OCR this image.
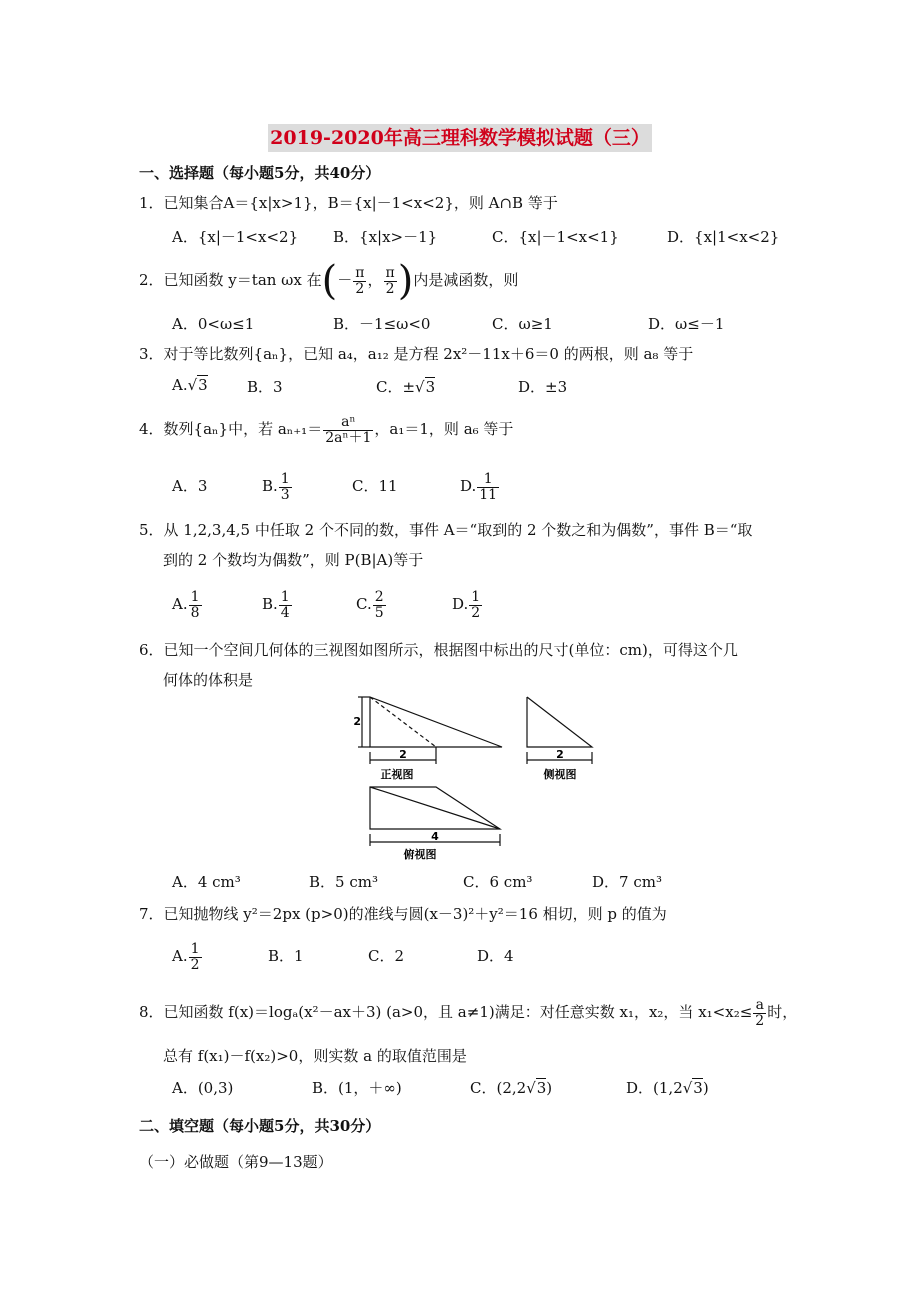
2019-2020年高三理科数学模拟试题（三）
一、选择题（每小题5分，共40分）
1．已知集合A＝{x|x>1}，B＝{x|－1<x<2}，则 A∩B 等于
A．{x|－1<x<2} B．{x|x>－1}	C．{x|－1<x<1}	D．{x|1<x<2}
2．已知函数 y＝tan ωx 在(－ $\frac{\pi}{2}$ ， $\frac{\pi}{2}$ )内是减函数，则
A．0<ω≤1	B．－1≤ω<0	C．ω≥1	D．ω≤－1
3．对于等比数列{aₙ}，已知 a₄，a₁₂ 是方程 2x²－11x＋6＝0 的两根，则 a₈ 等于
A.√3	B．3	C．±√3	D．±3
4．数列{aₙ}中，若 $a_{n+1}= \frac{\text{aⁿ}}{\text{2aⁿ＋1}}$ ，a₁＝1，则 a₆ 等于
A．3	B. $\frac{1}{3}$	C．11	D. $\frac{1}{11}$
5．从 1,2,3,4,5 中任取 2 个不同的数，事件 A＝“取到的 2 个数之和为偶数”，事件 B＝“取
到的 2 个数均为偶数”，则 P(B|A)等于
A. $\frac{1}{8}$	B. $\frac{1}{4}$	C. $\frac{2}{5}$	D. $\frac{1}{2}$
6．已知一个空间几何体的三视图如图所示，根据图中标出的尺寸(单位：cm)，可得这个几
何体的体积是
2
2
正视图
2
侧视图
4
俯视图
A．4 cm³	B．5 cm³	C．6 cm³	D．7 cm³
7．已知抛物线 y²＝2px (p>0)的准线与圆(x－3)²＋y²＝16 相切，则 p 的值为
A. $\frac{1}{2}$	B．1	C．2	D．4
8．已知函数 f(x)＝logₐ(x²－ax＋3) (a>0，且 a≠1)满足：对任意实数 x₁，x₂，当 $x_1<x_2\le \frac{a}{2}$ 时，
总有 f(x₁)－f(x₂)>0，则实数 a 的取值范围是
A．(0,3)	B．(1，＋∞)	C．(2,2√3)	D．(1,2√3)
二、填空题（每小题5分，共30分）
（一）必做题（第9—13题）
